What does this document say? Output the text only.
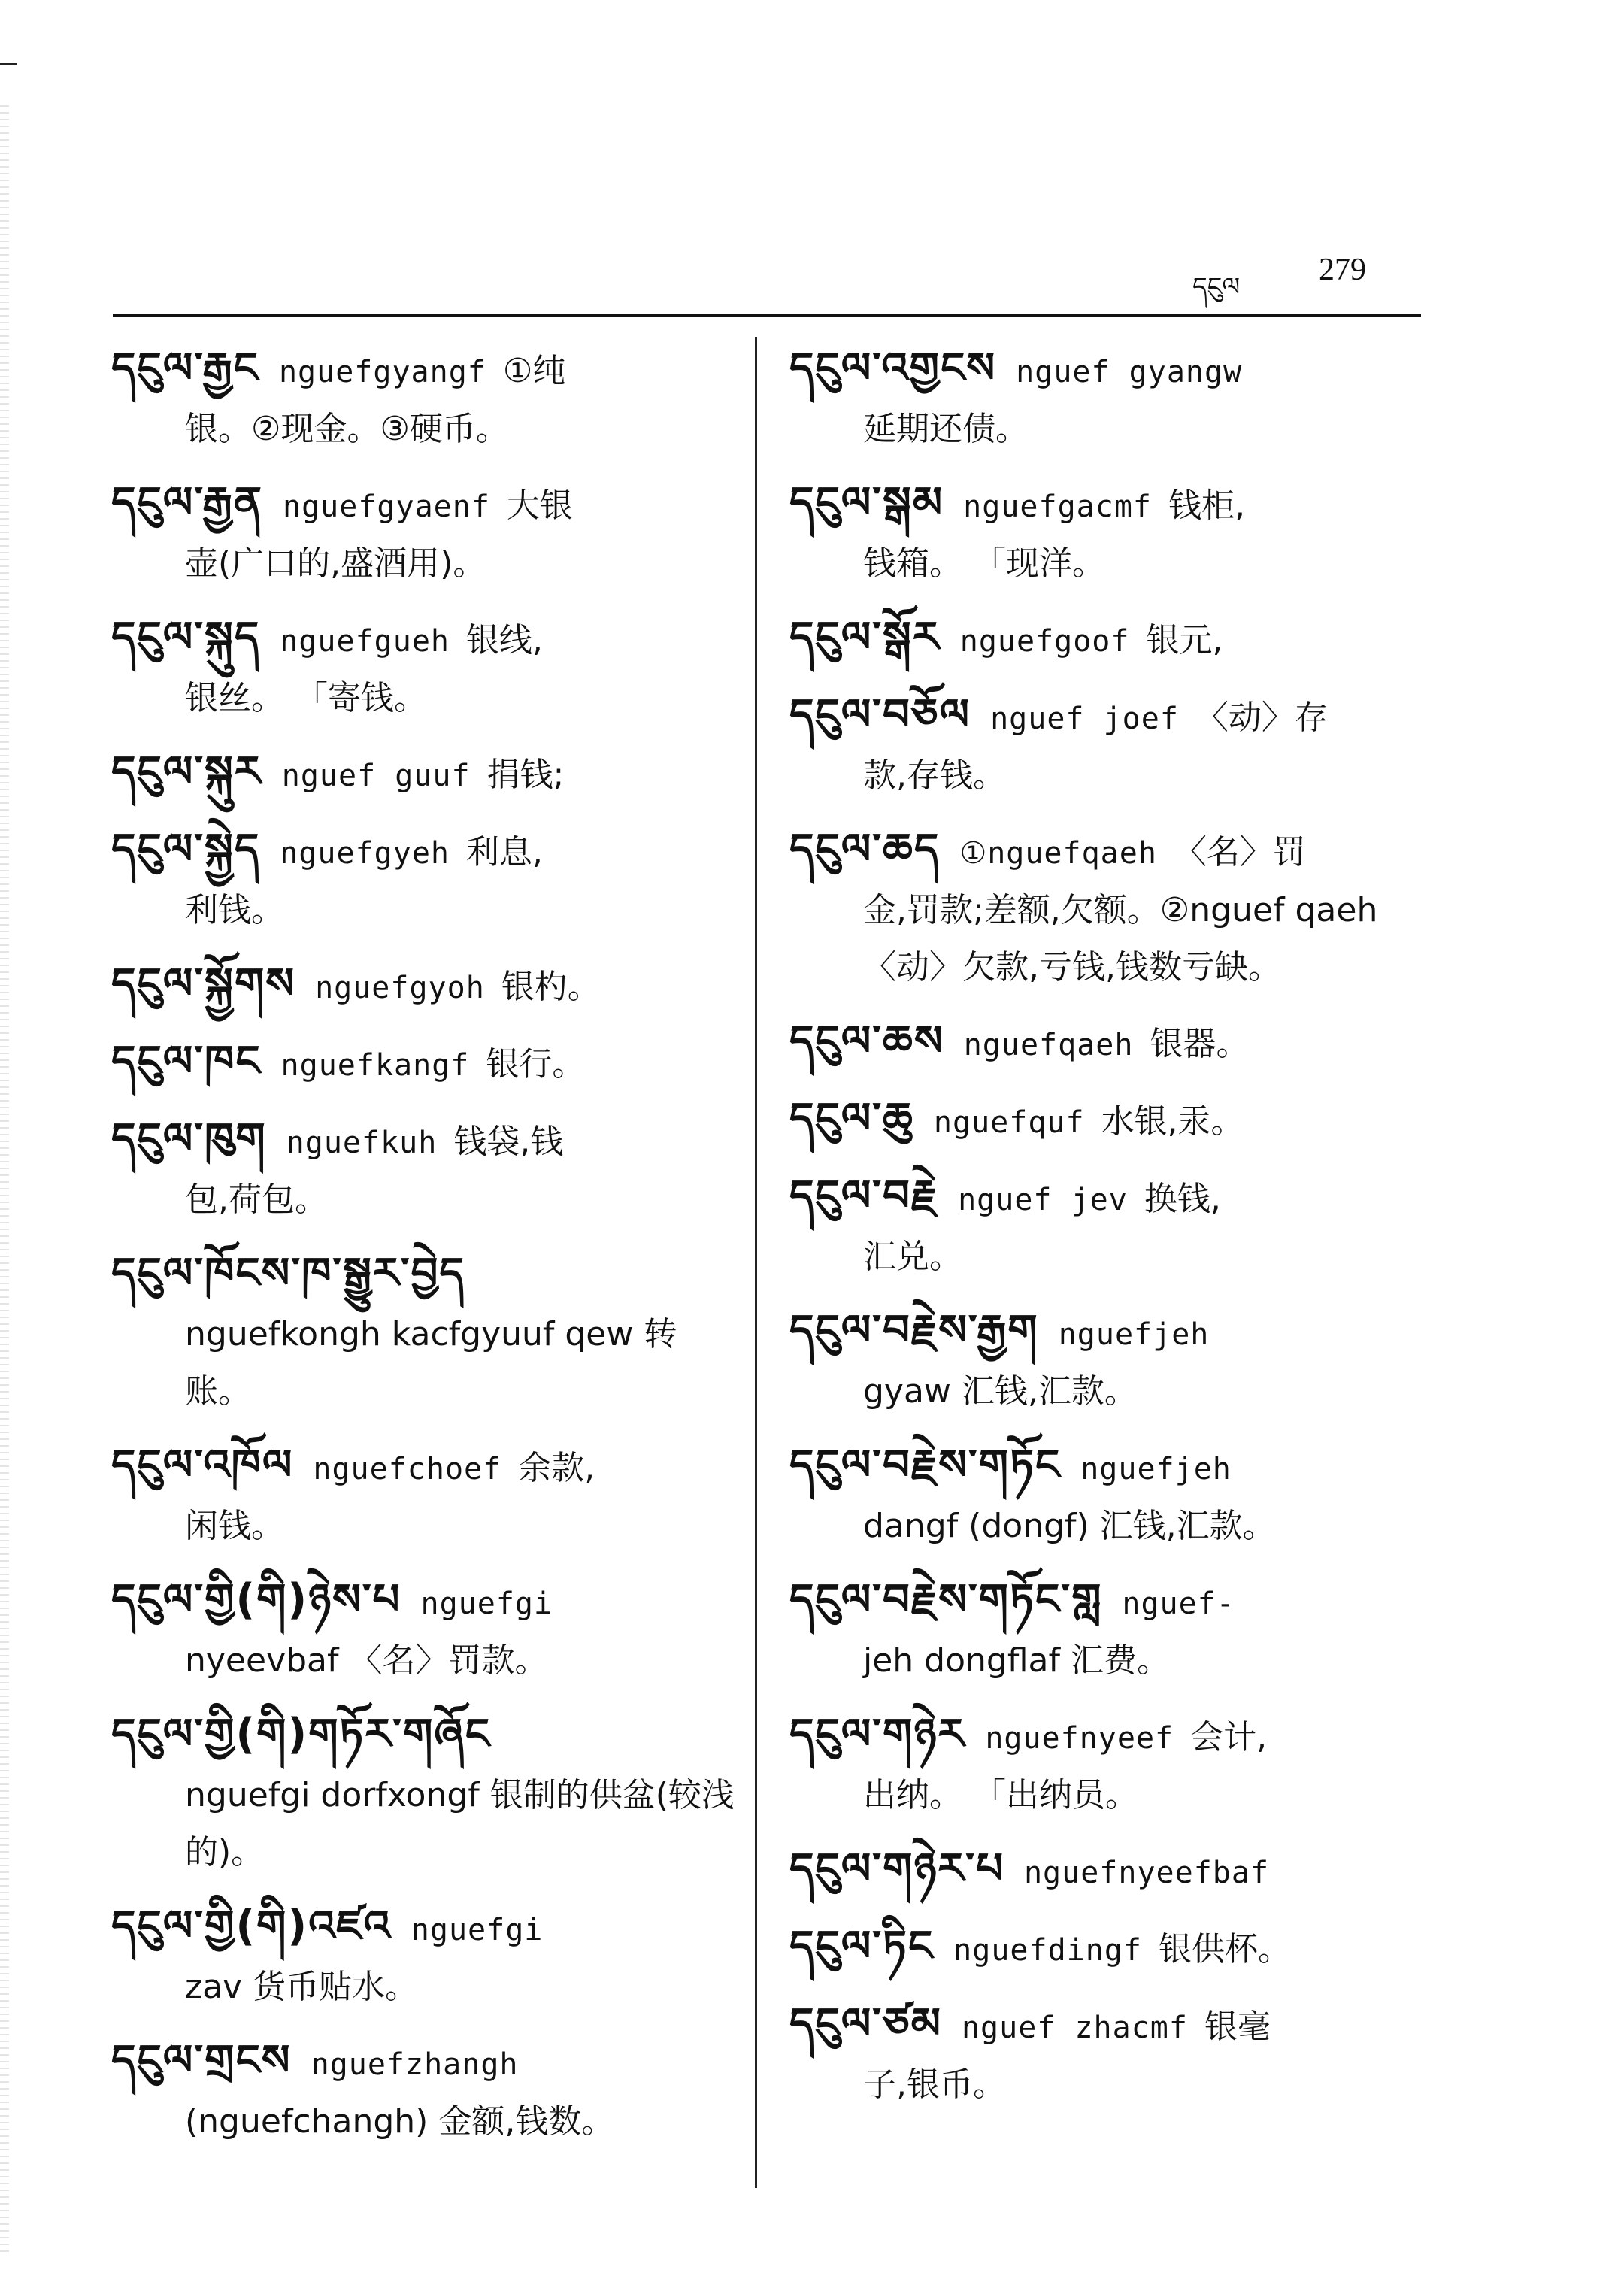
དངུལ 279
དངུལ་རྒྱང nguefgyangf ①纯
银。②现金。③硬币。
དངུལ་རྒྱན nguefgyaenf 大银
壶(广口的,盛酒用)。
དངུལ་སྐུད nguefgueh 银线,
银丝。 「寄钱。
དངུལ་སྐུར nguef guuf 捐钱;
དངུལ་སྐྱེད nguefgyeh 利息,
利钱。
དངུལ་སྐྱོགས nguefgyoh 银杓。
དངུལ་ཁང nguefkangf 银行。
དངུལ་ཁུག nguefkuh 钱袋,钱
包,荷包。
དངུལ་ཁོངས་ཁ་སྒྱུར་བྱེད
nguefkongh kacfgyuuf qew 转账。
དངུལ་འཁོལ nguefchoef 余款,
闲钱。
དངུལ་གྱི(གི)ཉེས་པ nguefgi
nyeevbaf 〈名〉罚款。
དངུལ་གྱི(གི)གཏོར་གཞོང
nguefgi dorfxongf 银制的供盆(较浅的)。
དངུལ་གྱི(གི)འཛའ nguefgi
zav 货币贴水。
དངུལ་གྲངས nguefzhangh
(nguefchangh) 金额,钱数。
དངུལ་འགྱངས nguef gyangw
延期还债。
དངུལ་སྒམ nguefgacmf 钱柜,
钱箱。 「现洋。
དངུལ་སྒོར nguefgoof 银元,
དངུལ་བཅོལ nguef joef 〈动〉存
款,存钱。
དངུལ་ཆད ①nguefqaeh 〈名〉罚
金,罚款;差额,欠额。②nguef qaeh 〈动〉欠款,亏钱,钱数亏缺。
དངུལ་ཆས nguefqaeh 银器。
དངུལ་ཆུ nguefquf 水银,汞。
དངུལ་བརྗེ nguef jev 换钱,
汇兑。
དངུལ་བརྗེས་རྒྱག nguefjeh
gyaw 汇钱,汇款。
དངུལ་བརྗེས་གཏོང nguefjeh
dangf (dongf) 汇钱,汇款。
དངུལ་བརྗེས་གཏོང་གླ nguef-
jeh dongflaf 汇费。
དངུལ་གཉེར nguefnyeef 会计,
出纳。 「出纳员。
དངུལ་གཉེར་པ nguefnyeefbaf
དངུལ་ཏིང nguefdingf 银供杯。
དངུལ་ཙམ nguef zhacmf 银毫
子,银币。
